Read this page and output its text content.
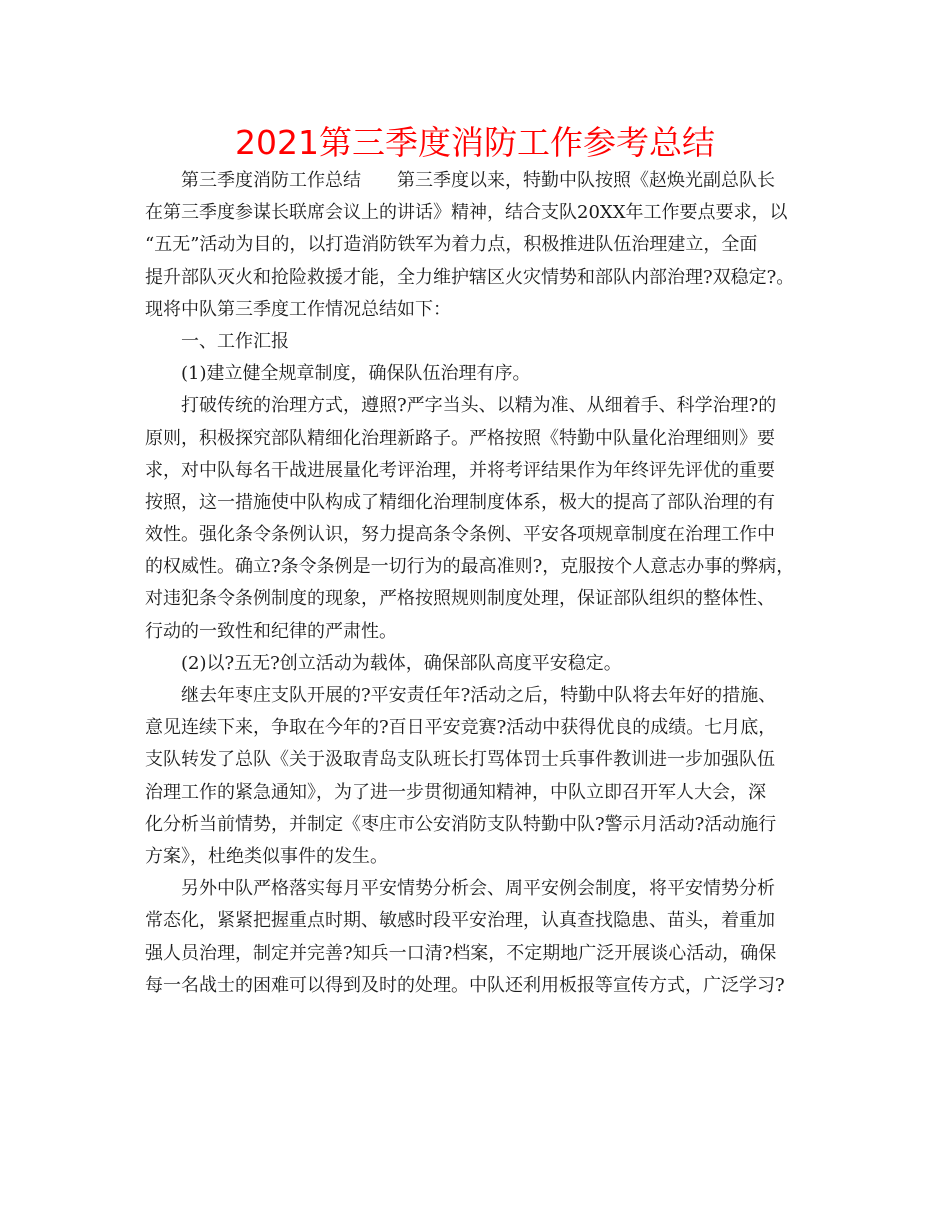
2021第三季度消防工作参考总结
第三季度消防工作总结　　第三季度以来，特勤中队按照《赵焕光副总队长
在第三季度参谋长联席会议上的讲话》精神，结合支队20XX年工作要点要求，以
“五无”活动为目的，以打造消防铁军为着力点，积极推进队伍治理建立，全面
提升部队灭火和抢险救援才能，全力维护辖区火灾情势和部队内部治理?双稳定?。
现将中队第三季度工作情况总结如下：
一、工作汇报
(1)建立健全规章制度，确保队伍治理有序。
打破传统的治理方式，遵照?严字当头、以精为准、从细着手、科学治理?的
原则，积极探究部队精细化治理新路子。严格按照《特勤中队量化治理细则》要
求，对中队每名干战进展量化考评治理，并将考评结果作为年终评先评优的重要
按照，这一措施使中队构成了精细化治理制度体系，极大的提高了部队治理的有
效性。强化条令条例认识，努力提高条令条例、平安各项规章制度在治理工作中
的权威性。确立?条令条例是一切行为的最高准则?，克服按个人意志办事的弊病，
对违犯条令条例制度的现象，严格按照规则制度处理，保证部队组织的整体性、
行动的一致性和纪律的严肃性。
(2)以?五无?创立活动为载体，确保部队高度平安稳定。
继去年枣庄支队开展的?平安责任年?活动之后，特勤中队将去年好的措施、
意见连续下来，争取在今年的?百日平安竞赛?活动中获得优良的成绩。七月底，
支队转发了总队《关于汲取青岛支队班长打骂体罚士兵事件教训进一步加强队伍
治理工作的紧急通知》，为了进一步贯彻通知精神，中队立即召开军人大会，深
化分析当前情势，并制定《枣庄市公安消防支队特勤中队?警示月活动?活动施行
方案》，杜绝类似事件的发生。
另外中队严格落实每月平安情势分析会、周平安例会制度，将平安情势分析
常态化，紧紧把握重点时期、敏感时段平安治理，认真查找隐患、苗头，着重加
强人员治理，制定并完善?知兵一口清?档案，不定期地广泛开展谈心活动，确保
每一名战士的困难可以得到及时的处理。中队还利用板报等宣传方式，广泛学习?
